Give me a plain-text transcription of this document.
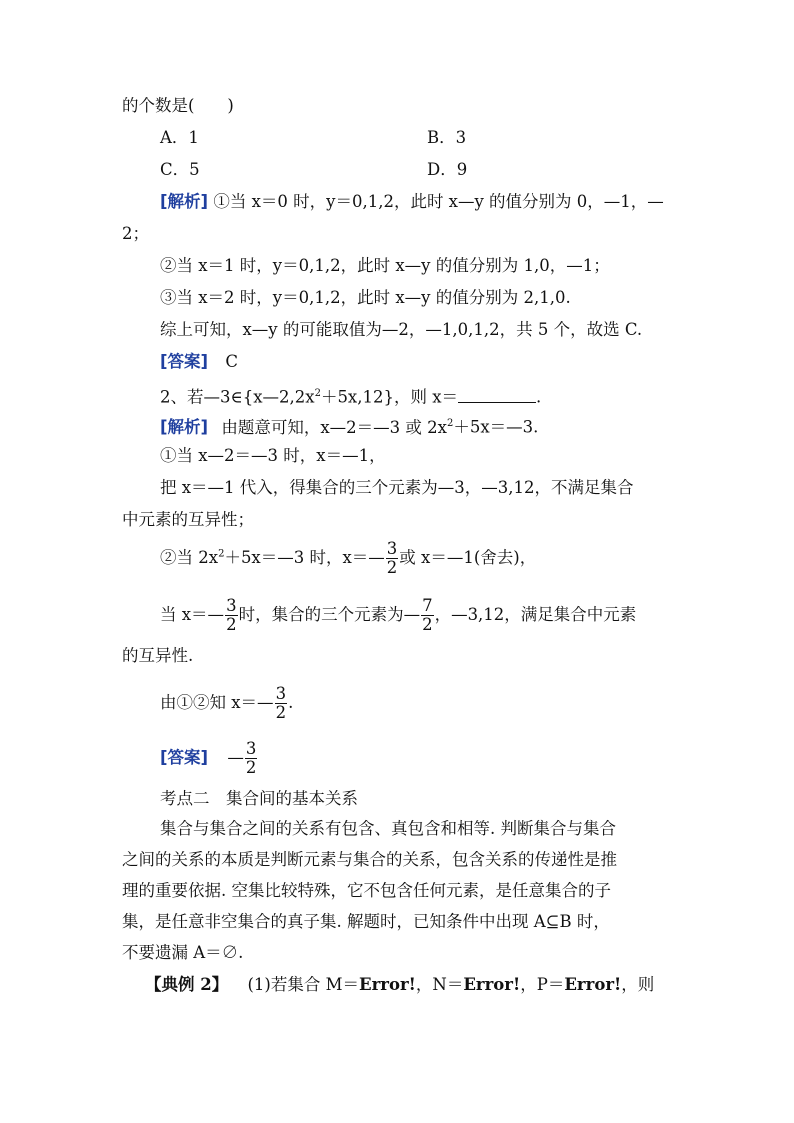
的个数是(　　)
A．1	B．3
C．5	D．9
[解析] ①当 x＝0 时，y＝0,1,2，此时 x—y 的值分别为 0，—1，—
2；
②当 x＝1 时，y＝0,1,2，此时 x—y 的值分别为 1,0，—1；
③当 x＝2 时，y＝0,1,2，此时 x—y 的值分别为 2,1,0.
综上可知，x—y 的可能取值为—2，—1,0,1,2，共 5 个，故选 C.
[答案] C
2、若$—3\in\{x—2,2x^2+5x,12\}$，则 x＝	.
[解析] 由题意可知，x—2＝—3 或 $2x^2+5x=—3$.
①当 x—2＝—3 时，x＝—1，
把 x＝—1 代入，得集合的三个元素为—3，—3,12，不满足集合
中元素的互异性；
②当 $2x^2+5x=—3$ 时，x＝— $\frac{3}{2}$ 或 x＝—1(舍去)，
当 x＝— $\frac{3}{2}$ 时，集合的三个元素为— $\frac{7}{2}$ ，—3,12，满足集合中元素
的互异性.
由①②知 x＝— $\frac{3}{2}$ .
[答案] — $\frac{3}{2}$
考点二　集合间的基本关系
集合与集合之间的关系有包含、真包含和相等. 判断集合与集合
之间的关系的本质是判断元素与集合的关系，包含关系的传递性是推
理的重要依据. 空集比较特殊，它不包含任何元素，是任意集合的子
集，是任意非空集合的真子集. 解题时，已知条件中出现 A⊆B 时，
不要遗漏 A＝∅.
【典例 2】 (1)若集合 M＝Error!，N＝Error!，P＝Error!，则
